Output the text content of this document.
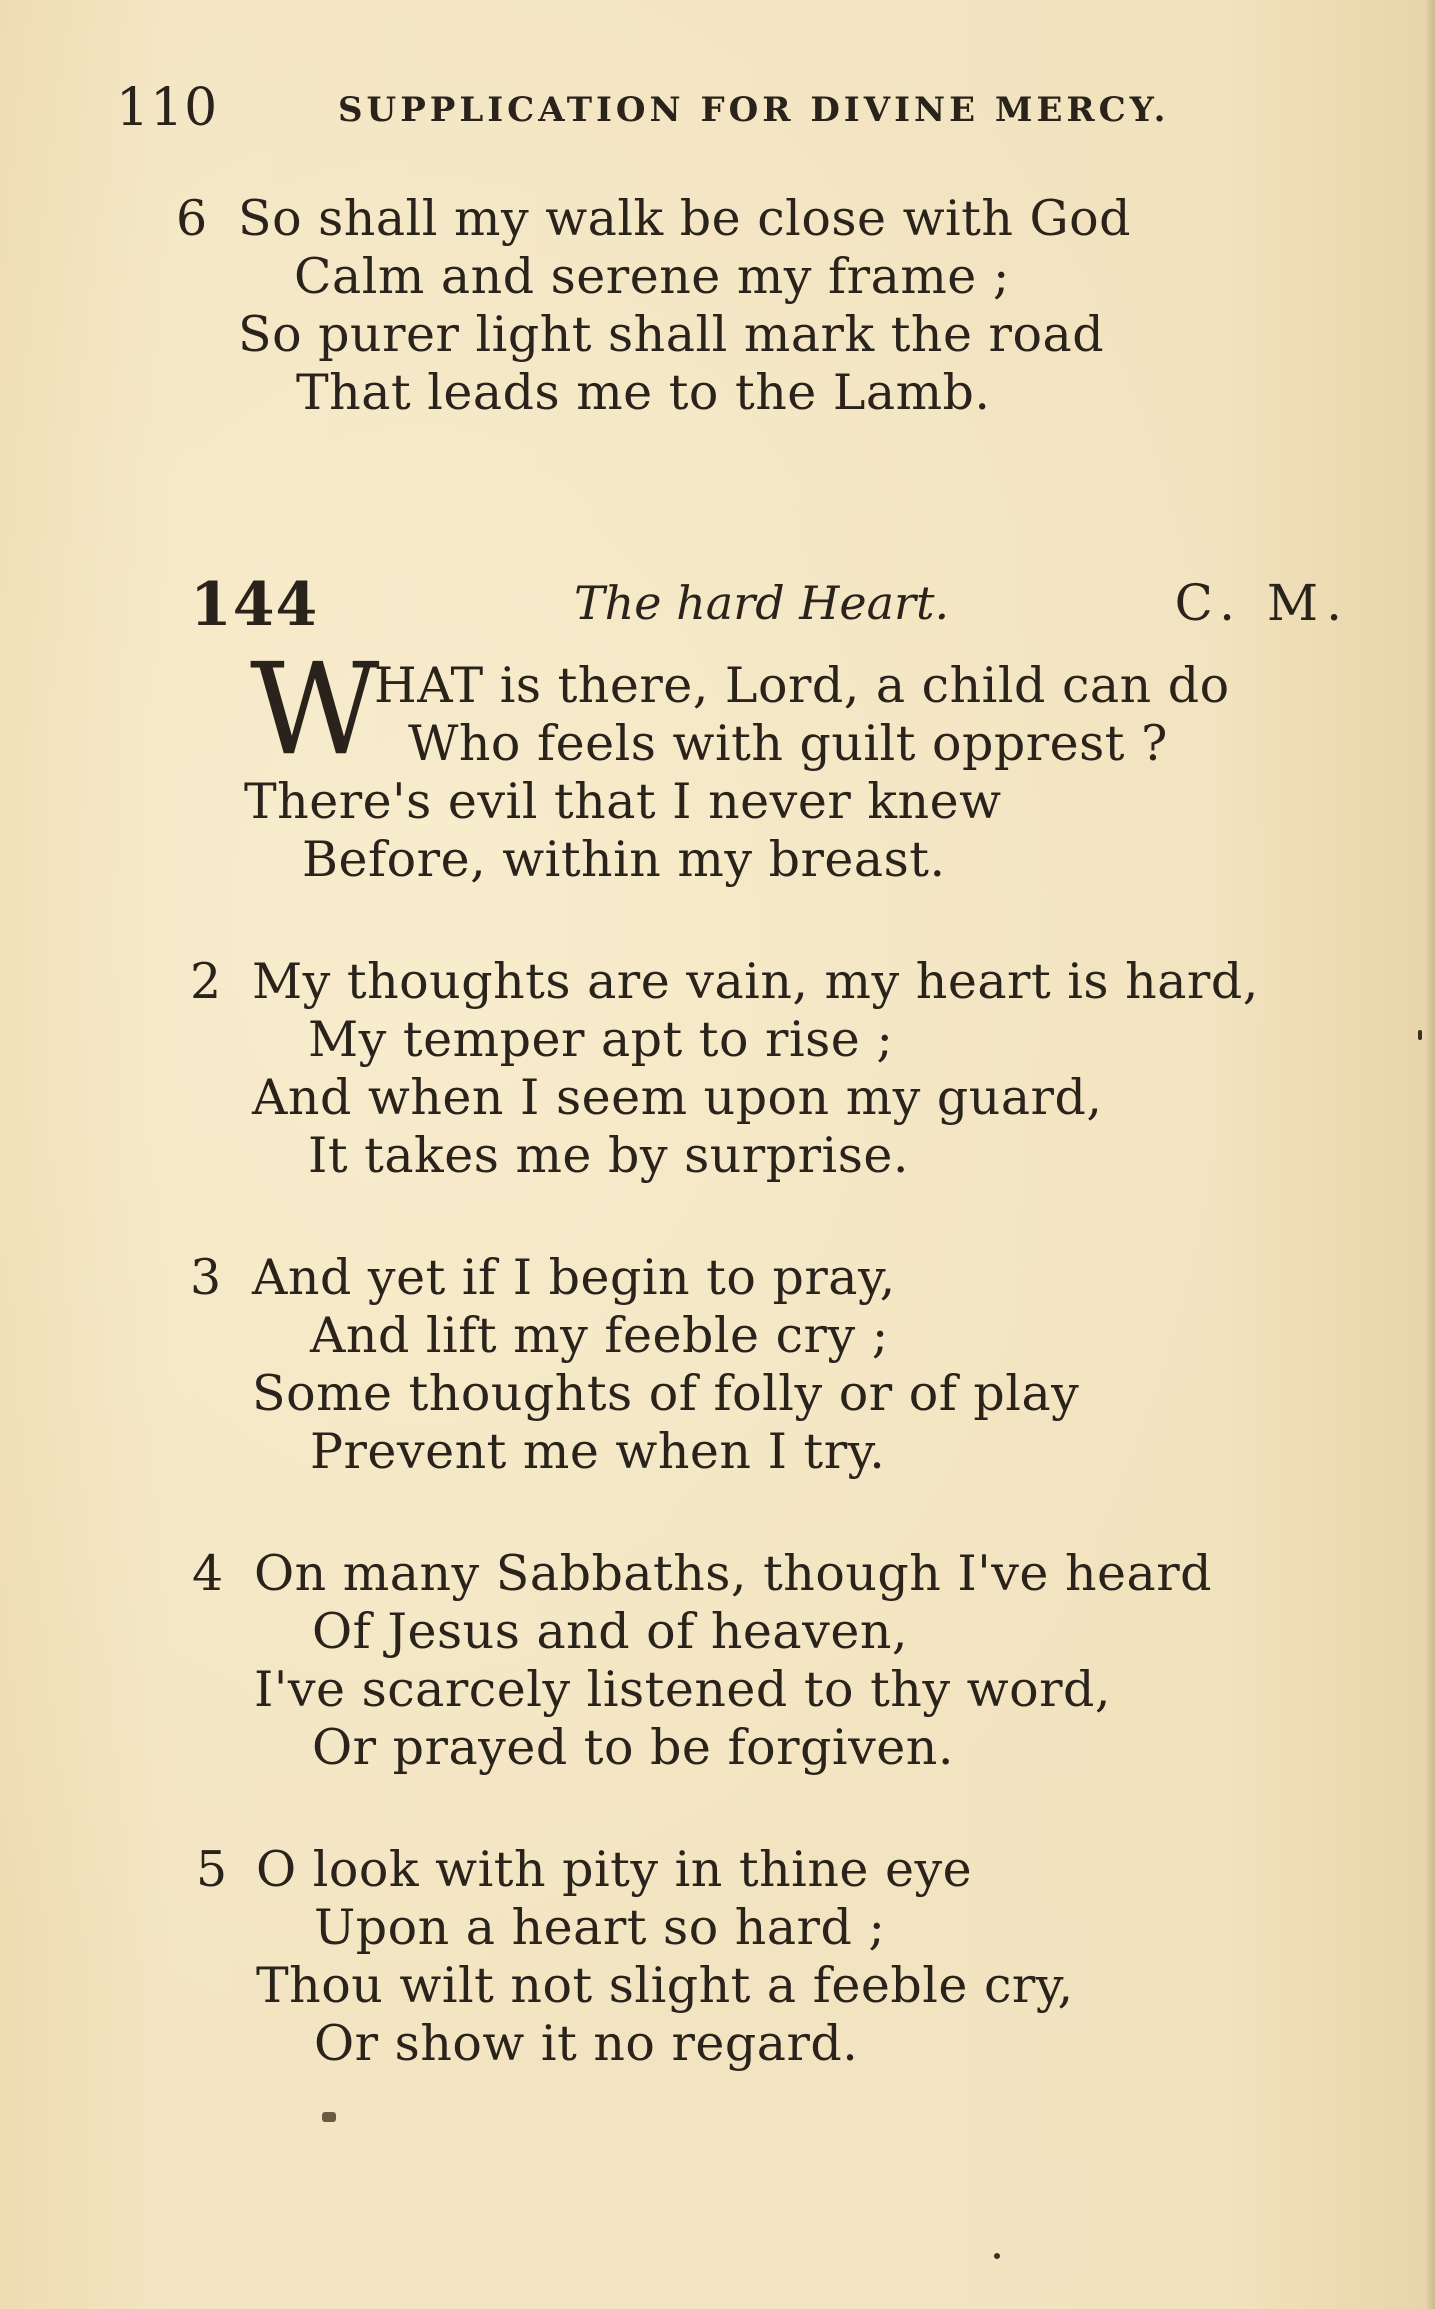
110	SUPPLICATION FOR DIVINE MERCY.
6 So shall my walk be close with God
Calm and serene my frame ;
So purer light shall mark the road
That leads me to the Lamb.
144	The hard Heart.	C. M.
W
HAT is there, Lord, a child can do
Who feels with guilt opprest ?
There's evil that I never knew
Before, within my breast.
2 My thoughts are vain, my heart is hard,
My temper apt to rise ;
And when I seem upon my guard,
It takes me by surprise.
3 And yet if I begin to pray,
And lift my feeble cry ;
Some thoughts of folly or of play
Prevent me when I try.
4 On many Sabbaths, though I've heard
Of Jesus and of heaven,
I've scarcely listened to thy word,
Or prayed to be forgiven.
5 O look with pity in thine eye
Upon a heart so hard ;
Thou wilt not slight a feeble cry,
Or show it no regard.
